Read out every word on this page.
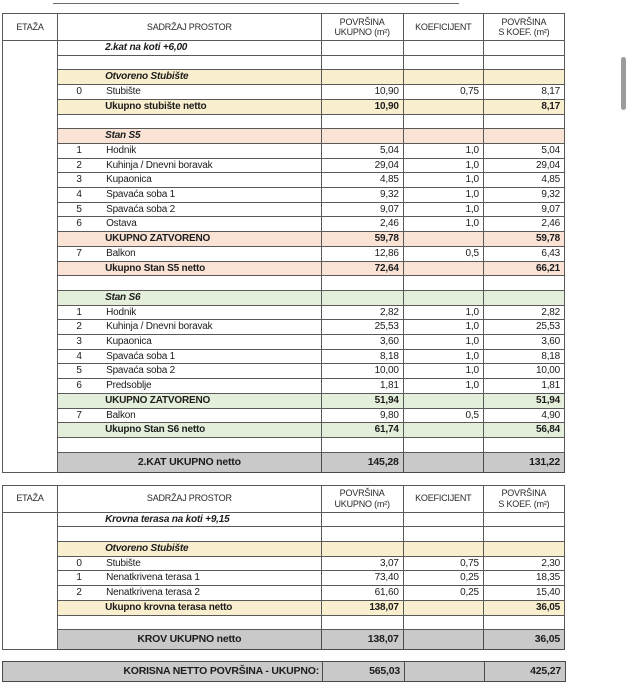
ETAŽA	SADRŽAJ PROSTOR	POVRŠINA
UKUPNO (m²)	KOEFICIJENT	POVRŠINA
S KOEF. (m²)
	2.kat na koti +6,00			

	Otvoreno Stubište			
	0 Stubište	10,90	0,75	8,17
	Ukupno stubište netto	10,90		8,17

	Stan S5			
	1 Hodnik	5,04	1,0	5,04
	2 Kuhinja / Dnevni boravak	29,04	1,0	29,04
	3 Kupaonica	4,85	1,0	4,85
	4 Spavaća soba 1	9,32	1,0	9,32
	5 Spavaća soba 2	9,07	1,0	9,07
	6 Ostava	2,46	1,0	2,46
	UKUPNO ZATVORENO	59,78		59,78
	7 Balkon	12,86	0,5	6,43
	Ukupno Stan S5 netto	72,64		66,21

	Stan S6			
	1 Hodnik	2,82	1,0	2,82
	2 Kuhinja / Dnevni boravak	25,53	1,0	25,53
	3 Kupaonica	3,60	1,0	3,60
	4 Spavaća soba 1	8,18	1,0	8,18
	5 Spavaća soba 2	10,00	1,0	10,00
	6 Predsoblje	1,81	1,0	1,81
	UKUPNO ZATVORENO	51,94		51,94
	7 Balkon	9,80	0,5	4,90
	Ukupno Stan S6 netto	61,74		56,84

	2.KAT UKUPNO netto	145,28		131,22
ETAŽA	SADRŽAJ PROSTOR	POVRŠINA
UKUPNO (m²)	KOEFICIJENT	POVRŠINA
S KOEF. (m²)
	Krovna terasa na koti +9,15			

	Otvoreno Stubište			
	0 Stubište	3,07	0,75	2,30
	1 Nenatkrivena terasa 1	73,40	0,25	18,35
	2 Nenatkrivena terasa 2	61,60	0,25	15,40
	Ukupno krovna terasa netto	138,07		36,05

	KROV UKUPNO netto	138,07		36,05
KORISNA NETTO POVRŠINA - UKUPNO:	565,03		425,27
